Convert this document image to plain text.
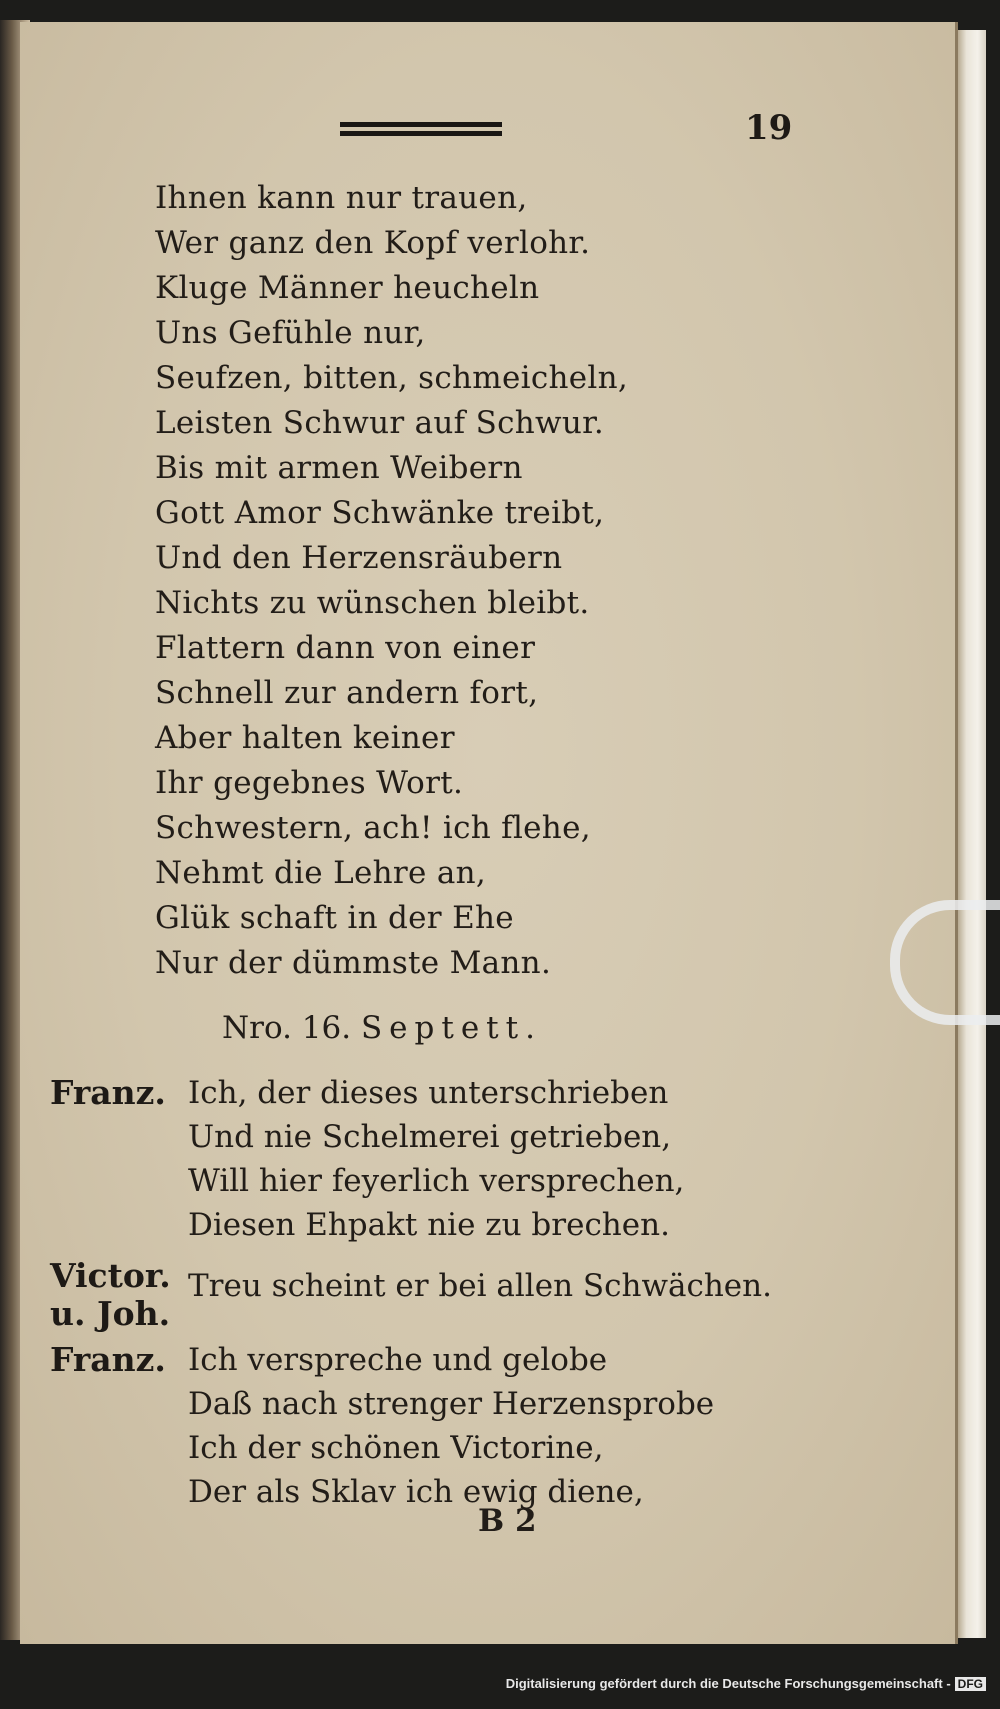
19
Ihnen kann nur trauen,
Wer ganz den Kopf verlohr.
Kluge Männer heucheln
Uns Gefühle nur,
Seufzen, bitten, schmeicheln,
Leisten Schwur auf Schwur.
Bis mit armen Weibern
Gott Amor Schwänke treibt,
Und den Herzensräubern
Nichts zu wünschen bleibt.
Flattern dann von einer
Schnell zur andern fort,
Aber halten keiner
Ihr gegebnes Wort.
Schwestern, ach! ich flehe,
Nehmt die Lehre an,
Glük schaft in der Ehe
Nur der dümmste Mann.
Nro. 16. Septett.
Franz. Ich, der dieses unterschrieben
Und nie Schelmerei getrieben,
Will hier feyerlich versprechen,
Diesen Ehpakt nie zu brechen.
Victor.
u. Joh.
Treu scheint er bei allen Schwächen.
Franz. Ich verspreche und gelobe
Daß nach strenger Herzensprobe
Ich der schönen Victorine,
Der als Sklav ich ewig diene,
B 2
Digitalisierung gefördert durch die Deutsche Forschungsgemeinschaft - DFG
